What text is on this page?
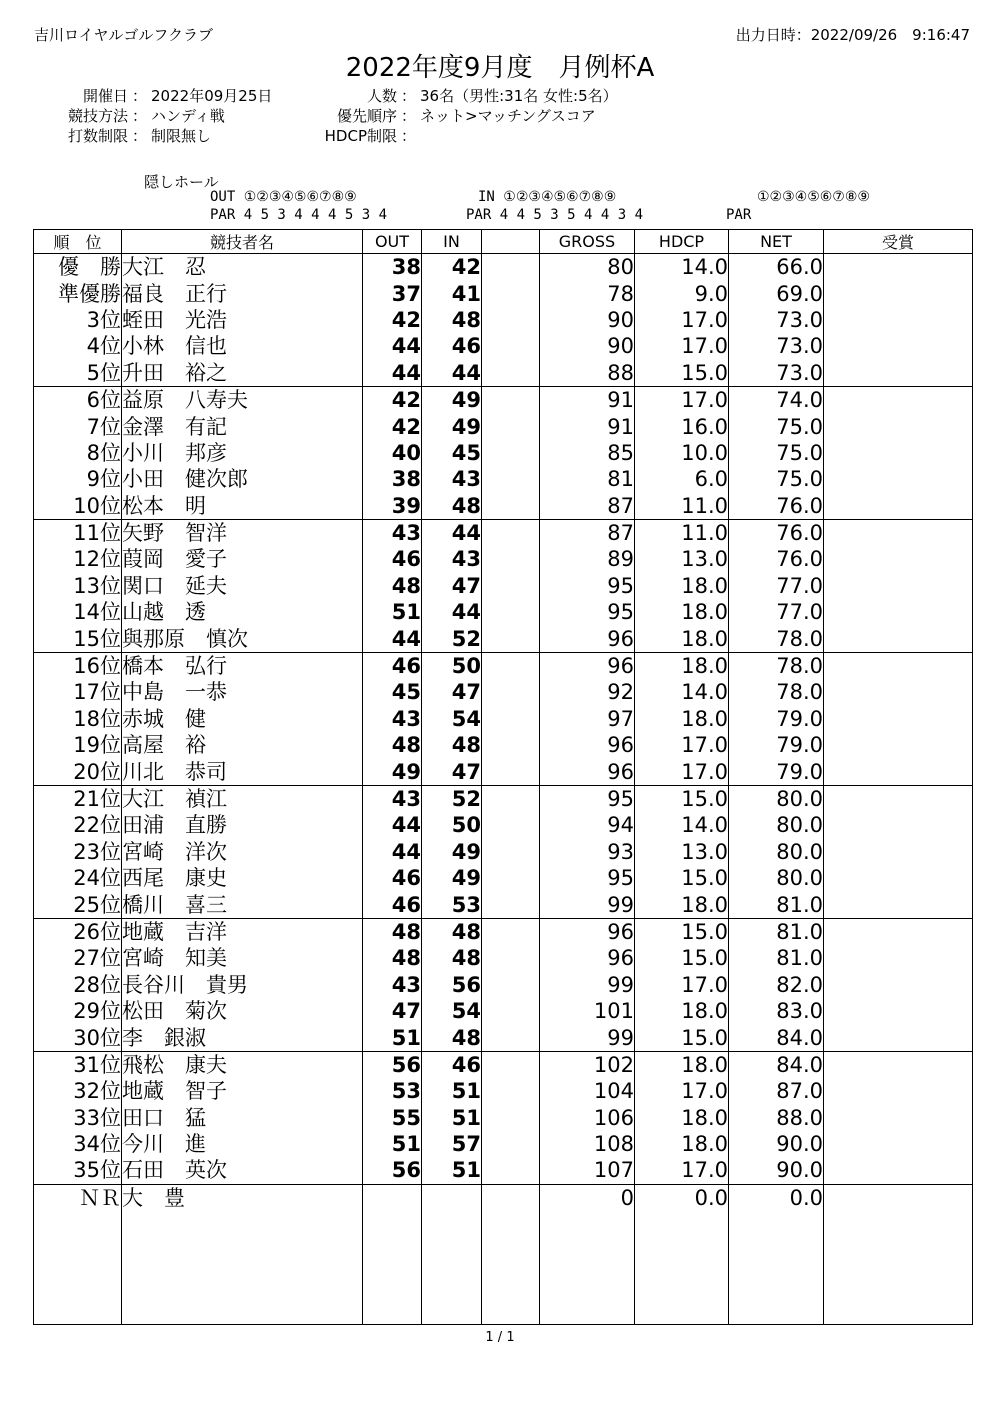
吉川ロイヤルゴルフクラブ	出力日時：2022/09/26　9:16:47
2022年度9月度　月例杯A
開催日 ： 2022年09月25日
競技方法 ： ハンディ戦
打数制限 ： 制限無し
人数 ： 36名（男性:31名 女性:5名）
優先順序 ： ネット>マッチングスコア
HDCP制限 ：
隠しホール
OUT ①②③④⑤⑥⑦⑧⑨
PAR 4 5 3 4 4 4 5 3 4
IN ①②③④⑤⑥⑦⑧⑨
PAR 4 4 5 3 5 4 4 3 4
①②③④⑤⑥⑦⑧⑨
PAR
順　位	競技者名	OUT	IN		GROSS	HDCP	NET	受賞
優　勝	大江　忍	38	42		80	14.0	66.0	
準優勝	福良　正行	37	41		78	9.0	69.0	
3位	蛭田　光浩	42	48		90	17.0	73.0	
4位	小林　信也	44	46		90	17.0	73.0	
5位	升田　裕之	44	44		88	15.0	73.0	
6位	益原　八寿夫	42	49		91	17.0	74.0	
7位	金澤　有記	42	49		91	16.0	75.0	
8位	小川　邦彦	40	45		85	10.0	75.0	
9位	小田　健次郎	38	43		81	6.0	75.0	
10位	松本　明	39	48		87	11.0	76.0	
11位	矢野　智洋	43	44		87	11.0	76.0	
12位	葭岡　愛子	46	43		89	13.0	76.0	
13位	関口　延夫	48	47		95	18.0	77.0	
14位	山越　透	51	44		95	18.0	77.0	
15位	與那原　慎次	44	52		96	18.0	78.0	
16位	橋本　弘行	46	50		96	18.0	78.0	
17位	中島　一恭	45	47		92	14.0	78.0	
18位	赤城　健	43	54		97	18.0	79.0	
19位	高屋　裕	48	48		96	17.0	79.0	
20位	川北　恭司	49	47		96	17.0	79.0	
21位	大江　禎江	43	52		95	15.0	80.0	
22位	田浦　直勝	44	50		94	14.0	80.0	
23位	宮崎　洋次	44	49		93	13.0	80.0	
24位	西尾　康史	46	49		95	15.0	80.0	
25位	橋川　喜三	46	53		99	18.0	81.0	
26位	地蔵　吉洋	48	48		96	15.0	81.0	
27位	宮崎　知美	48	48		96	15.0	81.0	
28位	長谷川　貴男	43	56		99	17.0	82.0	
29位	松田　菊次	47	54		101	18.0	83.0	
30位	李　銀淑	51	48		99	15.0	84.0	
31位	飛松　康夫	56	46		102	18.0	84.0	
32位	地蔵　智子	53	51		104	17.0	87.0	
33位	田口　猛	55	51		106	18.0	88.0	
34位	今川　進	51	57		108	18.0	90.0	
35位	石田　英次	56	51		107	17.0	90.0	
ＮＲ	大　豊				0	0.0	0.0	

1 / 1
